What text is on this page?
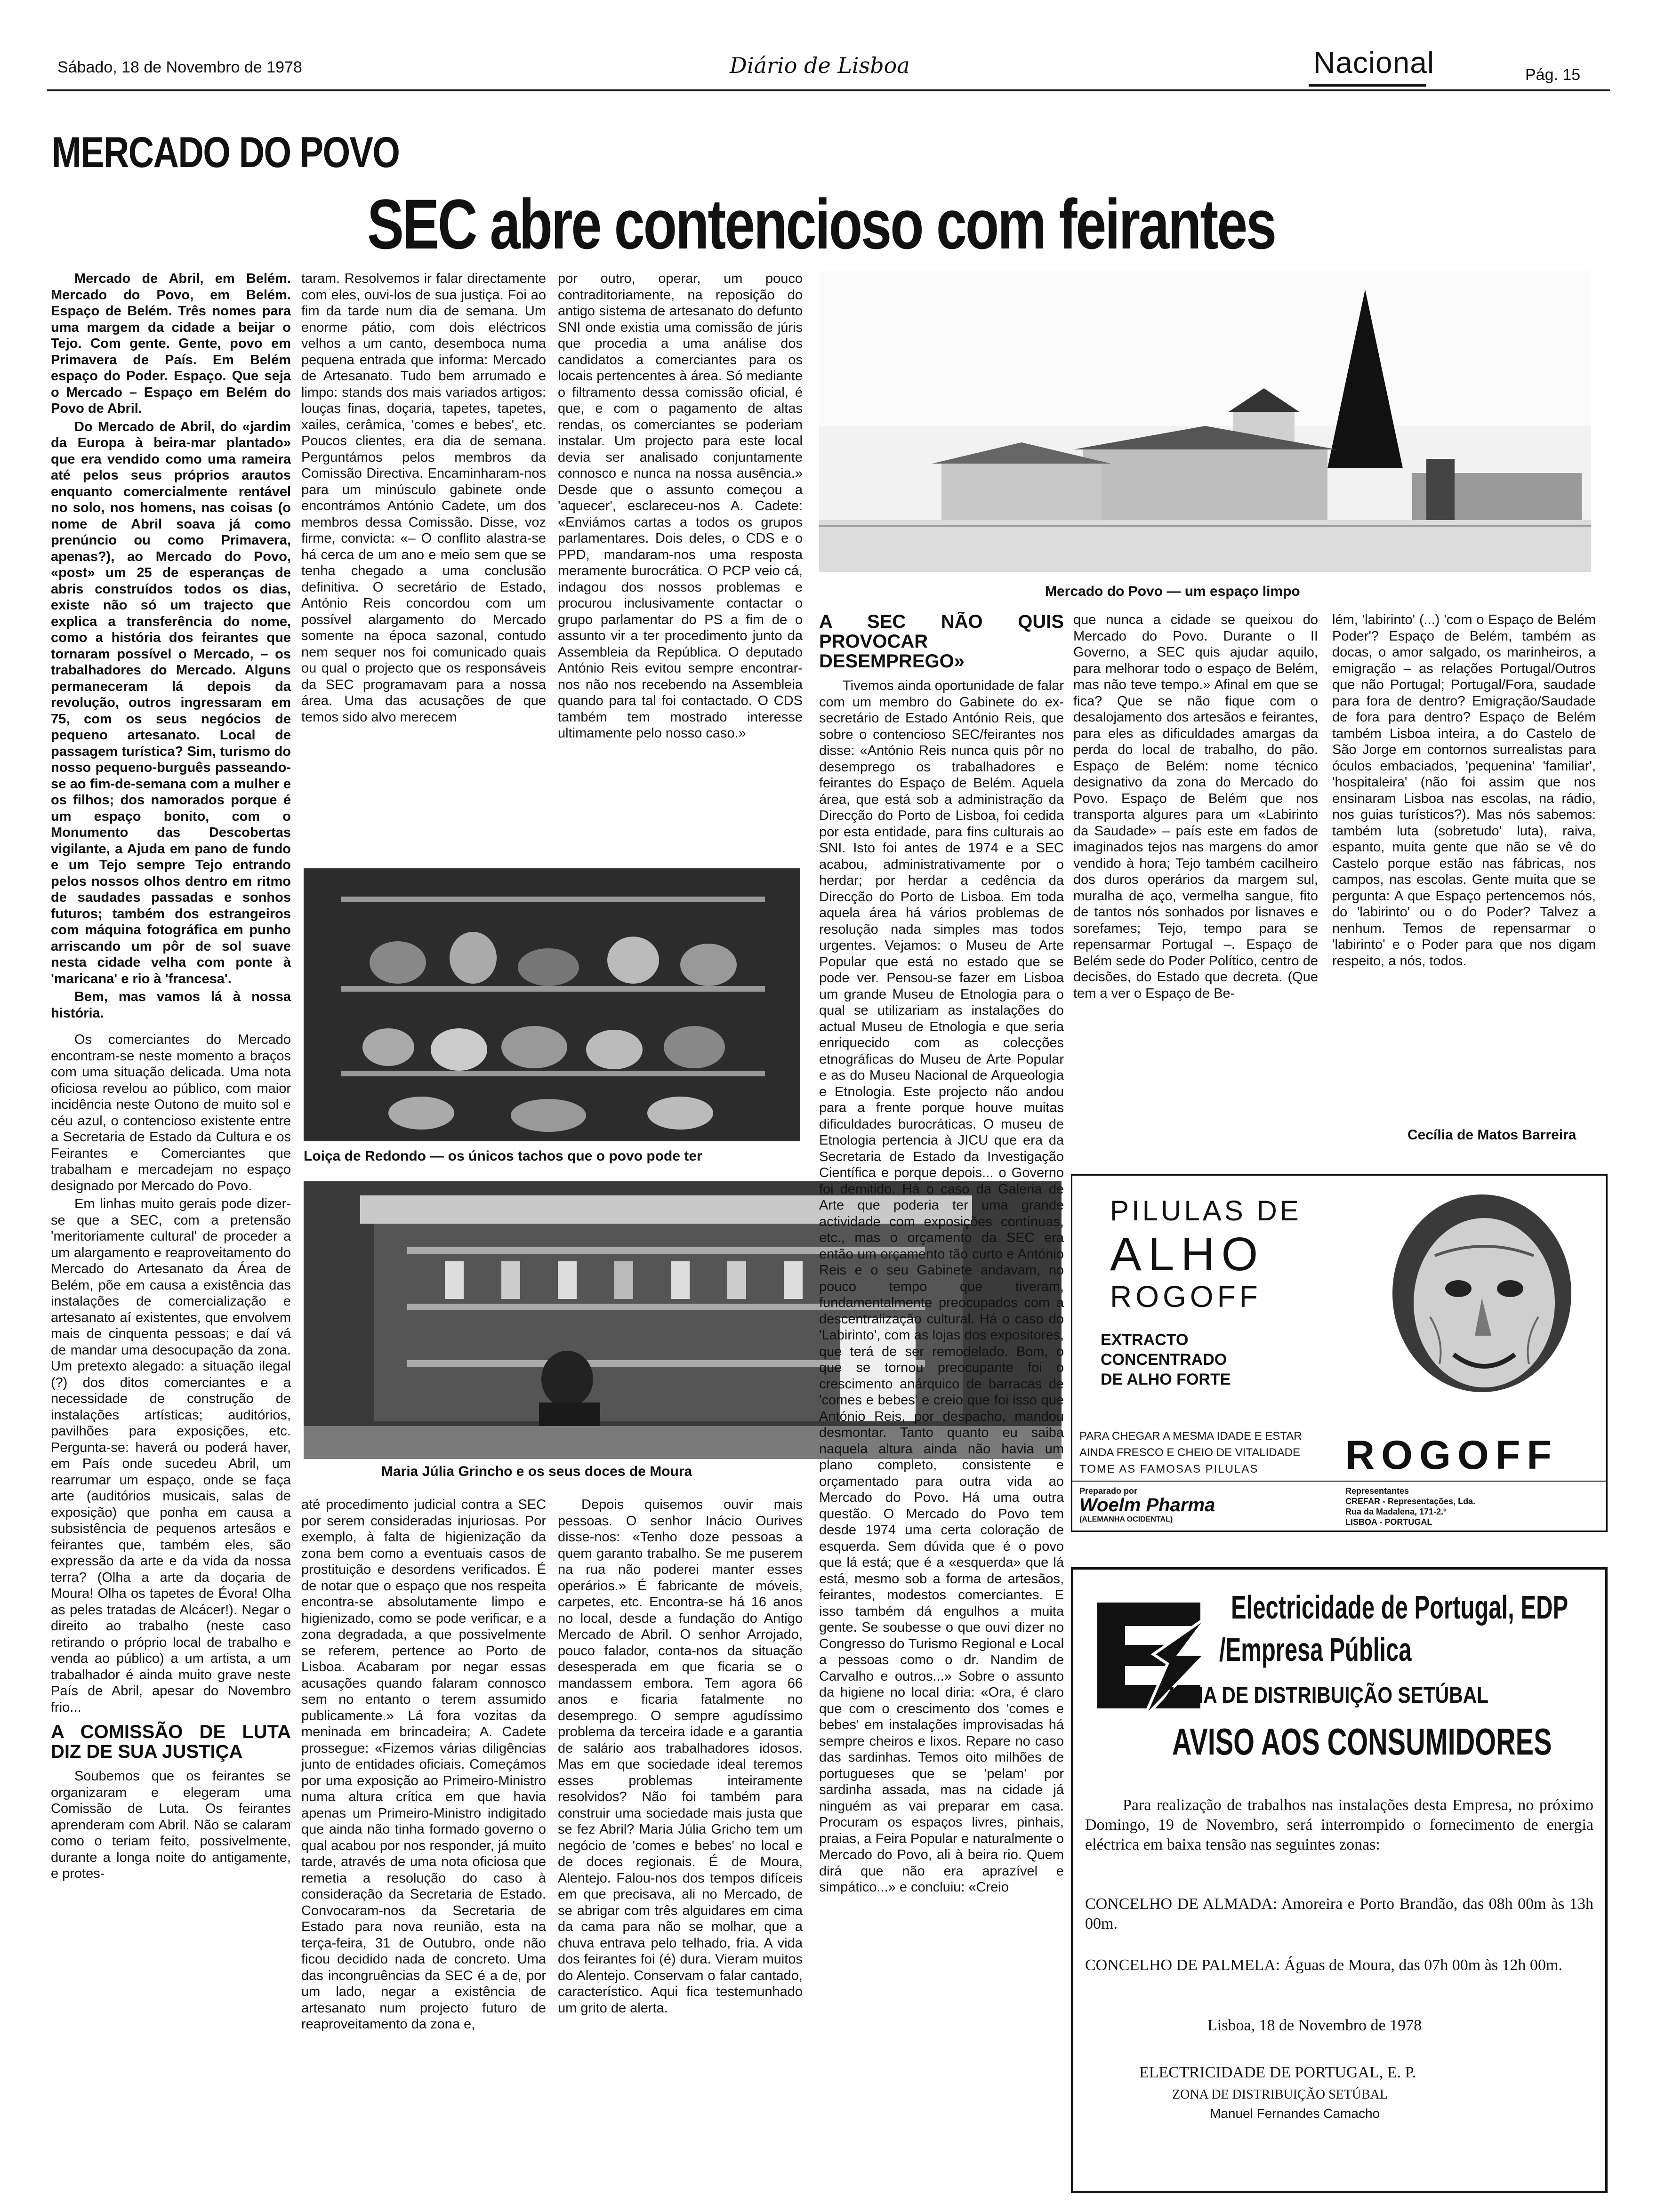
Sábado, 18 de Novembro de 1978	Diário de Lisboa	Nacional	Pág. 15
MERCADO DO POVO
SEC abre contencioso com feirantes

Mercado de Abril, em Belém. Mercado do Povo, em Belém. Espaço de Belém. Três nomes para uma margem da cidade a beijar o Tejo. Com gente. Gente, povo em Primavera de País. Em Belém espaço do Poder. Espaço. Que seja o Mercado – Espaço em Belém do Povo de Abril.

Do Mercado de Abril, do «jardim da Europa à beira-mar plantado» que era vendido como uma rameira até pelos seus próprios arautos enquanto comercialmente rentável no solo, nos homens, nas coisas (o nome de Abril soava já como prenúncio ou como Primavera, apenas?), ao Mercado do Povo, «post» um 25 de esperanças de abris construídos todos os dias, existe não só um trajecto que explica a transferência do nome, como a história dos feirantes que tornaram possível o Mercado, – os trabalhadores do Mercado. Alguns permaneceram lá depois da revolução, outros ingressaram em 75, com os seus negócios de pequeno artesanato. Local de passagem turística? Sim, turismo do nosso pequeno-burguês passeando-se ao fim-de-semana com a mulher e os filhos; dos namorados porque é um espaço bonito, com o Monumento das Descobertas vigilante, a Ajuda em pano de fundo e um Tejo sempre Tejo entrando pelos nossos olhos dentro em ritmo de saudades passadas e sonhos futuros; também dos estrangeiros com máquina fotográfica em punho arriscando um pôr de sol suave nesta cidade velha com ponte à 'maricana' e rio à 'francesa'.

Bem, mas vamos lá à nossa história.

Os comerciantes do Mercado encontram-se neste momento a braços com uma situação delicada. Uma nota oficiosa revelou ao público, com maior incidência neste Outono de muito sol e céu azul, o contencioso existente entre a Secretaria de Estado da Cultura e os Feirantes e Comerciantes que trabalham e mercadejam no espaço designado por Mercado do Povo.

Em linhas muito gerais pode dizer-se que a SEC, com a pretensão 'meritoriamente cultural' de proceder a um alargamento e reaproveitamento do Mercado do Artesanato da Área de Belém, põe em causa a existência das instalações de comercialização e artesanato aí existentes, que envolvem mais de cinquenta pessoas; e daí vá de mandar uma desocupação da zona. Um pretexto alegado: a situação ilegal (?) dos ditos comerciantes e a necessidade de construção de instalações artísticas; auditórios, pavilhões para exposições, etc. Pergunta-se: haverá ou poderá haver, em País onde sucedeu Abril, um rearrumar um espaço, onde se faça arte (auditórios musicais, salas de exposição) que ponha em causa a subsistência de pequenos artesãos e feirantes que, também eles, são expressão da arte e da vida da nossa terra? (Olha a arte da doçaria de Moura! Olha os tapetes de Évora! Olha as peles tratadas de Alcácer!). Negar o direito ao trabalho (neste caso retirando o próprio local de trabalho e venda ao público) a um artista, a um trabalhador é ainda muito grave neste País de Abril, apesar do Novembro frio...

A COMISSÃO DE LUTA DIZ DE SUA JUSTIÇA

Soubemos que os feirantes se organizaram e elegeram uma Comissão de Luta. Os feirantes aprenderam com Abril. Não se calaram como o teriam feito, possivelmente, durante a longa noite do antigamente, e protes-

taram. Resolvemos ir falar directamente com eles, ouvi-los de sua justiça. Foi ao fim da tarde num dia de semana. Um enorme pátio, com dois eléctricos velhos a um canto, desemboca numa pequena entrada que informa: Mercado de Artesanato. Tudo bem arrumado e limpo: stands dos mais variados artigos: louças finas, doçaria, tapetes, tapetes, xailes, cerâmica, 'comes e bebes', etc. Poucos clientes, era dia de semana. Perguntámos pelos membros da Comissão Directiva. Encaminharam-nos para um minúsculo gabinete onde encontrámos António Cadete, um dos membros dessa Comissão. Disse, voz firme, convicta: «– O conflito alastra-se há cerca de um ano e meio sem que se tenha chegado a uma conclusão definitiva. O secretário de Estado, António Reis concordou com um possível alargamento do Mercado somente na época sazonal, contudo nem sequer nos foi comunicado quais ou qual o projecto que os responsáveis da SEC programavam para a nossa área. Uma das acusações de que temos sido alvo merecem

por outro, operar, um pouco contraditoriamente, na reposição do antigo sistema de artesanato do defunto SNI onde existia uma comissão de júris que procedia a uma análise dos candidatos a comerciantes para os locais pertencentes à área. Só mediante o filtramento dessa comissão oficial, é que, e com o pagamento de altas rendas, os comerciantes se poderiam instalar. Um projecto para este local devia ser analisado conjuntamente connosco e nunca na nossa ausência.» Desde que o assunto começou a 'aquecer', esclareceu-nos A. Cadete: «Enviámos cartas a todos os grupos parlamentares. Dois deles, o CDS e o PPD, mandaram-nos uma resposta meramente burocrática. O PCP veio cá, indagou dos nossos problemas e procurou inclusivamente contactar o grupo parlamentar do PS a fim de o assunto vir a ter procedimento junto da Assembleia da República. O deputado António Reis evitou sempre encontrar-nos não nos recebendo na Assembleia quando para tal foi contactado. O CDS também tem mostrado interesse ultimamente pelo nosso caso.»

Loiça de Redondo — os únicos tachos que o povo pode ter
Maria Júlia Grincho e os seus doces de Moura

até procedimento judicial contra a SEC por serem consideradas injuriosas. Por exemplo, à falta de higienização da zona bem como a eventuais casos de prostituição e desordens verificados. É de notar que o espaço que nos respeita encontra-se absolutamente limpo e higienizado, como se pode verificar, e a zona degradada, a que possivelmente se referem, pertence ao Porto de Lisboa. Acabaram por negar essas acusações quando falaram connosco sem no entanto o terem assumido publicamente.» Lá fora vozitas da meninada em brincadeira; A. Cadete prossegue: «Fizemos várias diligências junto de entidades oficiais. Começámos por uma exposição ao Primeiro-Ministro numa altura crítica em que havia apenas um Primeiro-Ministro indigitado que ainda não tinha formado governo o qual acabou por nos responder, já muito tarde, através de uma nota oficiosa que remetia a resolução do caso à consideração da Secretaria de Estado. Convocaram-nos da Secretaria de Estado para nova reunião, esta na terça-feira, 31 de Outubro, onde não ficou decidido nada de concreto. Uma das incongruências da SEC é a de, por um lado, negar a existência de artesanato num projecto futuro de reaproveitamento da zona e,

Depois quisemos ouvir mais pessoas. O senhor Inácio Ourives disse-nos: «Tenho doze pessoas a quem garanto trabalho. Se me puserem na rua não poderei manter esses operários.» É fabricante de móveis, carpetes, etc. Encontra-se há 16 anos no local, desde a fundação do Antigo Mercado de Abril. O senhor Arrojado, pouco falador, conta-nos da situação desesperada em que ficaria se o mandassem embora. Tem agora 66 anos e ficaria fatalmente no desemprego. O sempre agudíssimo problema da terceira idade e a garantia de salário aos trabalhadores idosos. Mas em que sociedade ideal teremos esses problemas inteiramente resolvidos? Não foi também para construir uma sociedade mais justa que se fez Abril? Maria Júlia Gricho tem um negócio de 'comes e bebes' no local e de doces regionais. É de Moura, Alentejo. Falou-nos dos tempos difíceis em que precisava, ali no Mercado, de se abrigar com três alguidares em cima da cama para não se molhar, que a chuva entrava pelo telhado, fria. A vida dos feirantes foi (é) dura. Vieram muitos do Alentejo. Conservam o falar cantado, característico. Aqui fica testemunhado um grito de alerta.

Mercado do Povo — um espaço limpo
A SEC NÃO QUIS PROVOCAR DESEMPREGO»

Tivemos ainda oportunidade de falar com um membro do Gabinete do ex-secretário de Estado António Reis, que sobre o contencioso SEC/feirantes nos disse: «António Reis nunca quis pôr no desemprego os trabalhadores e feirantes do Espaço de Belém. Aquela área, que está sob a administração da Direcção do Porto de Lisboa, foi cedida por esta entidade, para fins culturais ao SNI. Isto foi antes de 1974 e a SEC acabou, administrativamente por o herdar; por herdar a cedência da Direcção do Porto de Lisboa. Em toda aquela área há vários problemas de resolução nada simples mas todos urgentes. Vejamos: o Museu de Arte Popular que está no estado que se pode ver. Pensou-se fazer em Lisboa um grande Museu de Etnologia para o qual se utilizariam as instalações do actual Museu de Etnologia e que seria enriquecido com as colecções etnográficas do Museu de Arte Popular e as do Museu Nacional de Arqueologia e Etnologia. Este projecto não andou para a frente porque houve muitas dificuldades burocráticas. O museu de Etnologia pertencia à JICU que era da Secretaria de Estado da Investigação Científica e porque depois... o Governo foi demitido. Há o caso da Galeria de Arte que poderia ter uma grande actividade com exposições contínuas, etc., mas o orçamento da SEC era então um orçamento tão curto e António Reis e o seu Gabinete andavam, no pouco tempo que tiveram, fundamentalmente preocupados com a descentralização cultural. Há o caso do 'Labirinto', com as lojas dos expositores, que terá de ser remodelado. Bom, o que se tornou preocupante foi o crescimento anárquico de barracas de 'comes e bebes' e creio que foi isso que António Reis, por despacho, mandou desmontar. Tanto quanto eu saiba naquela altura ainda não havia um plano completo, consistente e orçamentado para outra vida ao Mercado do Povo. Há uma outra questão. O Mercado do Povo tem desde 1974 uma certa coloração de esquerda. Sem dúvida que é o povo que lá está; que é a «esquerda» que lá está, mesmo sob a forma de artesãos, feirantes, modestos comerciantes. E isso também dá engulhos a muita gente. Se soubesse o que ouvi dizer no Congresso do Turismo Regional e Local a pessoas como o dr. Nandim de Carvalho e outros...» Sobre o assunto da higiene no local diria: «Ora, é claro que com o crescimento dos 'comes e bebes' em instalações improvisadas há sempre cheiros e lixos. Repare no caso das sardinhas. Temos oito milhões de portugueses que se 'pelam' por sardinha assada, mas na cidade já ninguém as vai preparar em casa. Procuram os espaços livres, pinhais, praias, a Feira Popular e naturalmente o Mercado do Povo, ali à beira rio. Quem dirá que não era aprazível e simpático...» e concluiu: «Creio

que nunca a cidade se queixou do Mercado do Povo. Durante o II Governo, a SEC quis ajudar aquilo, para melhorar todo o espaço de Belém, mas não teve tempo.» Afinal em que se fica? Que se não fique com o desalojamento dos artesãos e feirantes, para eles as dificuldades amargas da perda do local de trabalho, do pão. Espaço de Belém: nome técnico designativo da zona do Mercado do Povo. Espaço de Belém que nos transporta algures para um «Labirinto da Saudade» – país este em fados de imaginados tejos nas margens do amor vendido à hora; Tejo também cacilheiro dos duros operários da margem sul, muralha de aço, vermelha sangue, fito de tantos nós sonhados por lisnaves e sorefames; Tejo, tempo para se repensarmar Portugal –. Espaço de Belém sede do Poder Político, centro de decisões, do Estado que decreta. (Que tem a ver o Espaço de Be-

lém, 'labirinto' (...) 'com o Espaço de Belém Poder'? Espaço de Belém, também as docas, o amor salgado, os marinheiros, a emigração – as relações Portugal/Outros que não Portugal; Portugal/Fora, saudade para fora de dentro? Emigração/Saudade de fora para dentro? Espaço de Belém também Lisboa inteira, a do Castelo de São Jorge em contornos surrealistas para óculos embaciados, 'pequenina' 'familiar', 'hospitaleira' (não foi assim que nos ensinaram Lisboa nas escolas, na rádio, nos guias turísticos?). Mas nós sabemos: também luta (sobretudo' luta), raiva, espanto, muita gente que não se vê do Castelo porque estão nas fábricas, nos campos, nas escolas. Gente muita que se pergunta: A que Espaço pertencemos nós, do 'labirinto' ou o do Poder? Talvez a nenhum. Temos de repensarmar o 'labirinto' e o Poder para que nos digam respeito, a nós, todos.

Cecília de Matos Barreira
PILULAS DE
ALHO
ROGOFF
EXTRACTO
CONCENTRADO
DE ALHO FORTE
PARA CHEGAR A MESMA IDADE E ESTAR
AINDA FRESCO E CHEIO DE VITALIDADE
TOME AS FAMOSAS PILULAS ROGOFF
Preparado por
Woelm Pharma
(ALEMANHA OCIDENTAL)
Representantes
CREFAR - Representações, Lda.
Rua da Madalena, 171-2.º
LISBOA - PORTUGAL
Electricidade de Portugal, EDP
/Empresa Pública
ZONA DE DISTRIBUIÇÃO SETÚBAL
AVISO AOS CONSUMIDORES
Para realização de trabalhos nas instalações desta Empresa, no próximo Domingo, 19 de Novembro, será interrompido o fornecimento de energia eléctrica em baixa tensão nas seguintes zonas:
CONCELHO DE ALMADA: Amoreira e Porto Brandão, das 08h 00m às 13h 00m.
CONCELHO DE PALMELA: Águas de Moura, das 07h 00m às 12h 00m.
Lisboa, 18 de Novembro de 1978
ELECTRICIDADE DE PORTUGAL, E. P.
ZONA DE DISTRIBUIÇÃO SETÚBAL
Manuel Fernandes Camacho
